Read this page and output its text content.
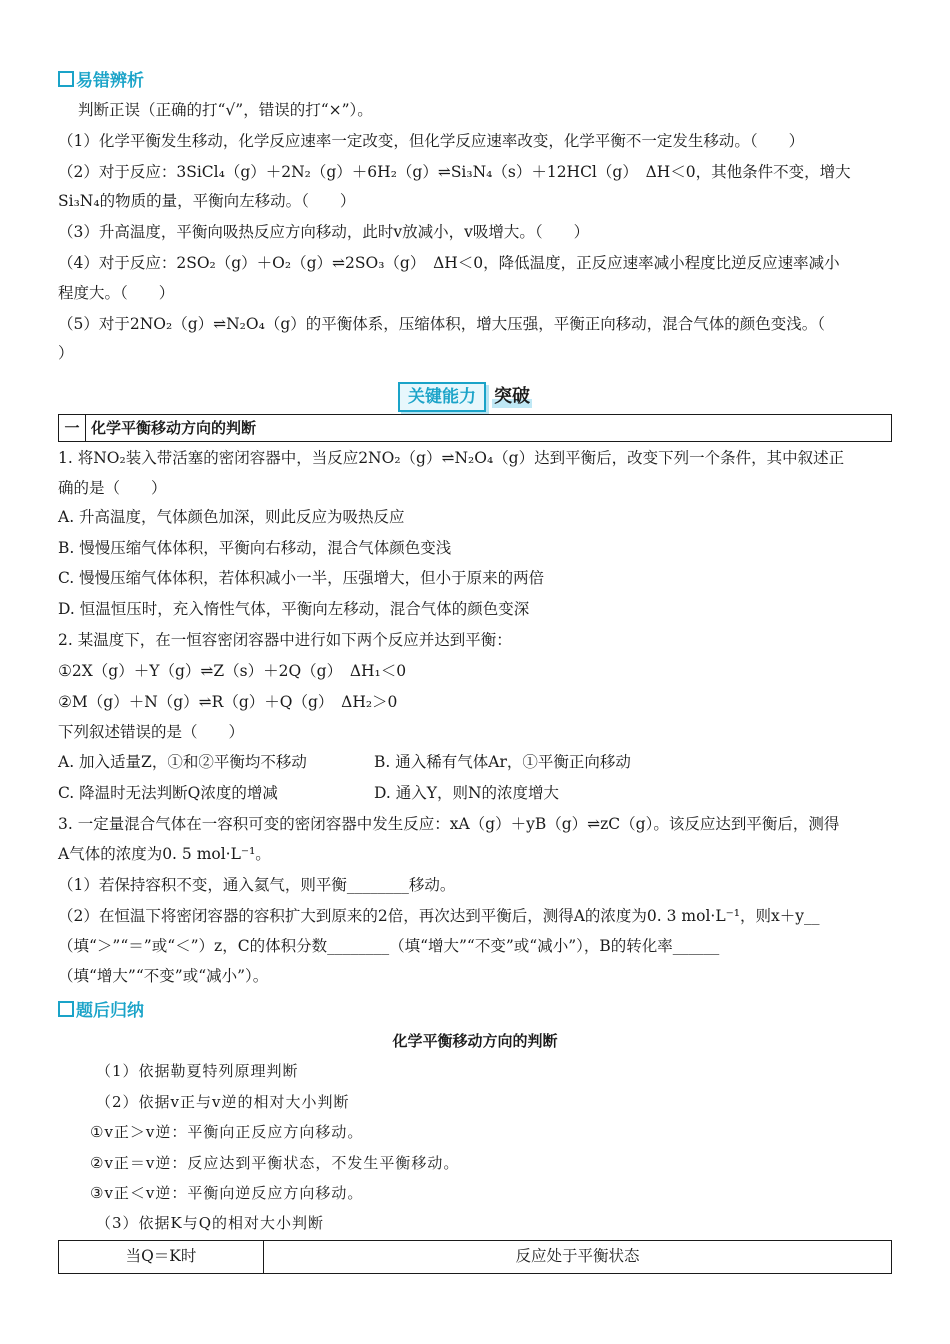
易错辨析
判断正误（正确的打“√”，错误的打“×”）。
（1）化学平衡发生移动，化学反应速率一定改变，但化学反应速率改变，化学平衡不一定发生移动。（　　）
（2）对于反应：3SiCl₄（g）＋2N₂（g）＋6H₂（g）⇌Si₃N₄（s）＋12HCl（g）　ΔH＜0，其他条件不变，增大
Si₃N₄的物质的量，平衡向左移动。（　　）
（3）升高温度，平衡向吸热反应方向移动，此时v放减小，v吸增大。（　　）
（4）对于反应：2SO₂（g）＋O₂（g）⇌2SO₃（g）　ΔH＜0，降低温度，正反应速率减小程度比逆反应速率减小
程度大。（　　）
（5）对于2NO₂（g）⇌N₂O₄（g）的平衡体系，压缩体积，增大压强，平衡正向移动，混合气体的颜色变浅。（
）
关键能力	突破
一 化学平衡移动方向的判断
1. 将NO₂装入带活塞的密闭容器中，当反应2NO₂（g）⇌N₂O₄（g）达到平衡后，改变下列一个条件，其中叙述正
确的是（　　）
A. 升高温度，气体颜色加深，则此反应为吸热反应
B. 慢慢压缩气体体积，平衡向右移动，混合气体颜色变浅
C. 慢慢压缩气体体积，若体积减小一半，压强增大，但小于原来的两倍
D. 恒温恒压时，充入惰性气体，平衡向左移动，混合气体的颜色变深
2. 某温度下，在一恒容密闭容器中进行如下两个反应并达到平衡：
①2X（g）＋Y（g）⇌Z（s）＋2Q（g）　ΔH₁＜0
②M（g）＋N（g）⇌R（g）＋Q（g）　ΔH₂＞0
下列叙述错误的是（　　）
A. 加入适量Z，①和②平衡均不移动	B. 通入稀有气体Ar，①平衡正向移动
C. 降温时无法判断Q浓度的增减	D. 通入Y，则N的浓度增大
3. 一定量混合气体在一容积可变的密闭容器中发生反应：xA（g）＋yB（g）⇌zC（g）。该反应达到平衡后，测得
A气体的浓度为0. 5 mol·L⁻¹。
（1）若保持容积不变，通入氦气，则平衡________移动。
（2）在恒温下将密闭容器的容积扩大到原来的2倍，再次达到平衡后，测得A的浓度为0. 3 mol·L⁻¹，则x＋y__
（填“＞”“＝”或“＜”）z，C的体积分数________（填“增大”“不变”或“减小”），B的转化率______
（填“增大”“不变”或“减小”）。
题后归纳
化学平衡移动方向的判断
（1）依据勒夏特列原理判断
（2）依据v正与v逆的相对大小判断
①v正＞v逆：平衡向正反应方向移动。
②v正＝v逆：反应达到平衡状态，不发生平衡移动。
③v正＜v逆：平衡向逆反应方向移动。
（3）依据K与Q的相对大小判断
当Q＝K时	反应处于平衡状态
